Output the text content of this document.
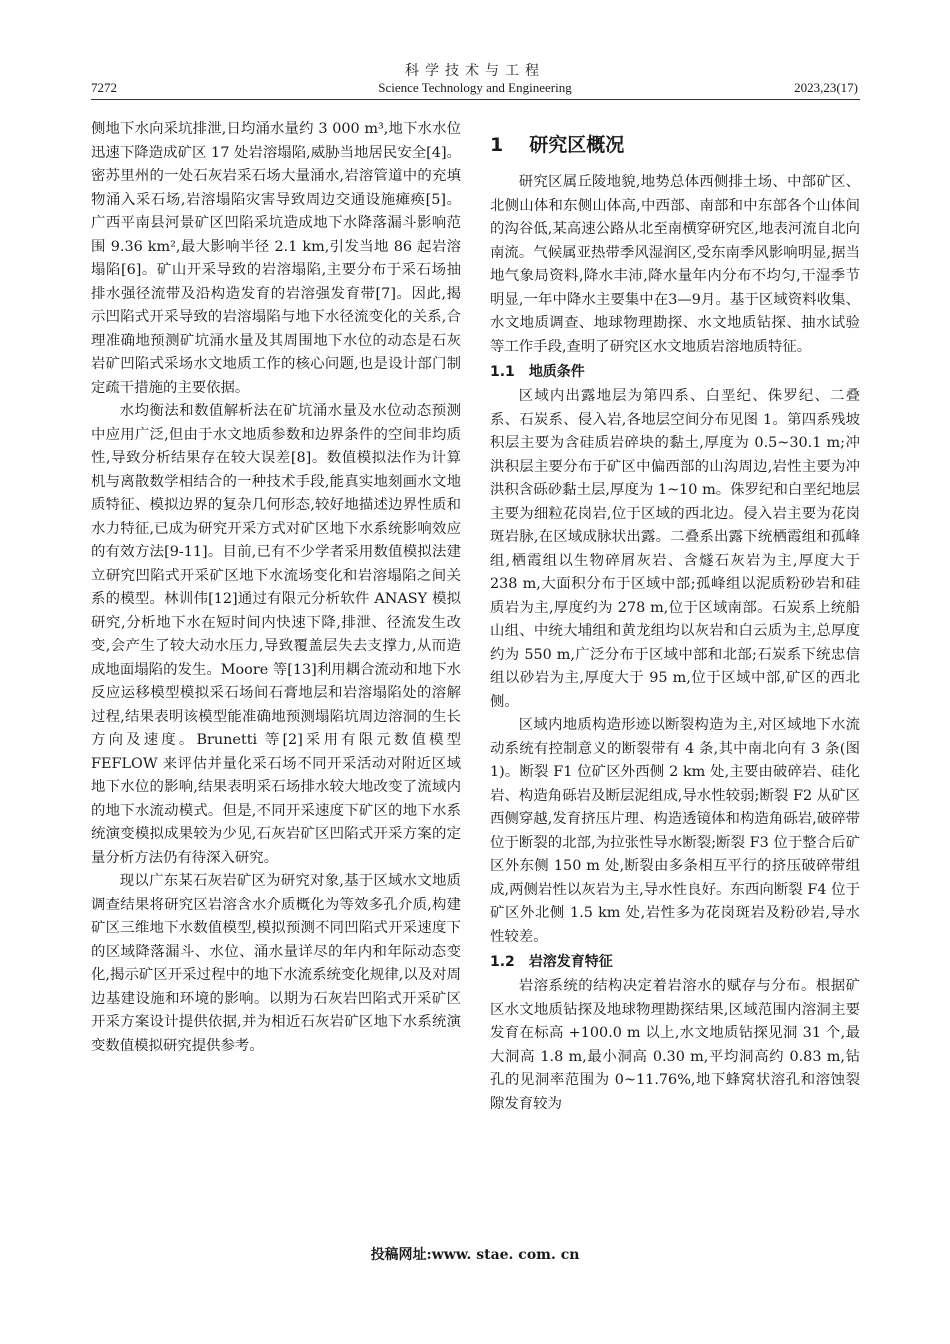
科学技术与工程
7272	Science Technology and Engineering	2023,23(17)

侧地下水向采坑排泄,日均涌水量约 3 000 m³,地下水水位迅速下降造成矿区 17 处岩溶塌陷,威胁当地居民安全[4]。密苏里州的一处石灰岩采石场大量涌水,岩溶管道中的充填物涌入采石场,岩溶塌陷灾害导致周边交通设施瘫痪[5]。广西平南县河景矿区凹陷采坑造成地下水降落漏斗影响范围 9.36 km²,最大影响半径 2.1 km,引发当地 86 起岩溶塌陷[6]。矿山开采导致的岩溶塌陷,主要分布于采石场抽排水强径流带及沿构造发育的岩溶强发育带[7]。因此,揭示凹陷式开采导致的岩溶塌陷与地下水径流变化的关系,合理准确地预测矿坑涌水量及其周围地下水位的动态是石灰岩矿凹陷式采场水文地质工作的核心问题,也是设计部门制定疏干措施的主要依据。

水均衡法和数值解析法在矿坑涌水量及水位动态预测中应用广泛,但由于水文地质参数和边界条件的空间非均质性,导致分析结果存在较大误差[8]。数值模拟法作为计算机与离散数学相结合的一种技术手段,能真实地刻画水文地质特征、模拟边界的复杂几何形态,较好地描述边界性质和水力特征,已成为研究开采方式对矿区地下水系统影响效应的有效方法[9-11]。目前,已有不少学者采用数值模拟法建立研究凹陷式开采矿区地下水流场变化和岩溶塌陷之间关系的模型。林训伟[12]通过有限元分析软件 ANASY 模拟研究,分析地下水在短时间内快速下降,排泄、径流发生改变,会产生了较大动水压力,导致覆盖层失去支撑力,从而造成地面塌陷的发生。Moore 等[13]利用耦合流动和地下水反应运移模型模拟采石场间石膏地层和岩溶塌陷处的溶解过程,结果表明该模型能准确地预测塌陷坑周边溶洞的生长方向及速度。Brunetti 等[2]采用有限元数值模型 FEFLOW 来评估并量化采石场不同开采活动对附近区域地下水位的影响,结果表明采石场排水较大地改变了流域内的地下水流动模式。但是,不同开采速度下矿区的地下水系统演变模拟成果较为少见,石灰岩矿区凹陷式开采方案的定量分析方法仍有待深入研究。

现以广东某石灰岩矿区为研究对象,基于区域水文地质调查结果将研究区岩溶含水介质概化为等效多孔介质,构建矿区三维地下水数值模型,模拟预测不同凹陷式开采速度下的区域降落漏斗、水位、涌水量详尽的年内和年际动态变化,揭示矿区开采过程中的地下水流系统变化规律,以及对周边基建设施和环境的影响。以期为石灰岩凹陷式开采矿区开采方案设计提供依据,并为相近石灰岩矿区地下水系统演变数值模拟研究提供参考。

1 研究区概况

研究区属丘陵地貌,地势总体西侧排土场、中部矿区、北侧山体和东侧山体高,中西部、南部和中东部各个山体间的沟谷低,某高速公路从北至南横穿研究区,地表河流自北向南流。气候属亚热带季风湿润区,受东南季风影响明显,据当地气象局资料,降水丰沛,降水量年内分布不均匀,干湿季节明显,一年中降水主要集中在3—9月。基于区域资料收集、水文地质调查、地球物理勘探、水文地质钻探、抽水试验等工作手段,查明了研究区水文地质岩溶地质特征。

1.1 地质条件

区域内出露地层为第四系、白垩纪、侏罗纪、二叠系、石炭系、侵入岩,各地层空间分布见图 1。第四系残坡积层主要为含硅质岩碎块的黏土,厚度为 0.5~30.1 m;冲洪积层主要分布于矿区中偏西部的山沟周边,岩性主要为冲洪积含砾砂黏土层,厚度为 1~10 m。侏罗纪和白垩纪地层主要为细粒花岗岩,位于区域的西北边。侵入岩主要为花岗斑岩脉,在区域成脉状出露。二叠系出露下统栖霞组和孤峰组,栖霞组以生物碎屑灰岩、含燧石灰岩为主,厚度大于 238 m,大面积分布于区域中部;孤峰组以泥质粉砂岩和硅质岩为主,厚度约为 278 m,位于区域南部。石炭系上统船山组、中统大埔组和黄龙组均以灰岩和白云质为主,总厚度约为 550 m,广泛分布于区域中部和北部;石炭系下统忠信组以砂岩为主,厚度大于 95 m,位于区域中部,矿区的西北侧。

区域内地质构造形迹以断裂构造为主,对区域地下水流动系统有控制意义的断裂带有 4 条,其中南北向有 3 条(图 1)。断裂 F1 位矿区外西侧 2 km 处,主要由破碎岩、硅化岩、构造角砾岩及断层泥组成,导水性较弱;断裂 F2 从矿区西侧穿越,发育挤压片理、构造透镜体和构造角砾岩,破碎带位于断裂的北部,为拉张性导水断裂;断裂 F3 位于整合后矿区外东侧 150 m 处,断裂由多条相互平行的挤压破碎带组成,两侧岩性以灰岩为主,导水性良好。东西向断裂 F4 位于矿区外北侧 1.5 km 处,岩性多为花岗斑岩及粉砂岩,导水性较差。

1.2 岩溶发育特征

岩溶系统的结构决定着岩溶水的赋存与分布。根据矿区水文地质钻探及地球物理勘探结果,区域范围内溶洞主要发育在标高 +100.0 m 以上,水文地质钻探见洞 31 个,最大洞高 1.8 m,最小洞高 0.30 m,平均洞高约 0.83 m,钻孔的见洞率范围为 0~11.76%,地下蜂窝状溶孔和溶蚀裂隙发育较为

投稿网址:www. stae. com. cn
